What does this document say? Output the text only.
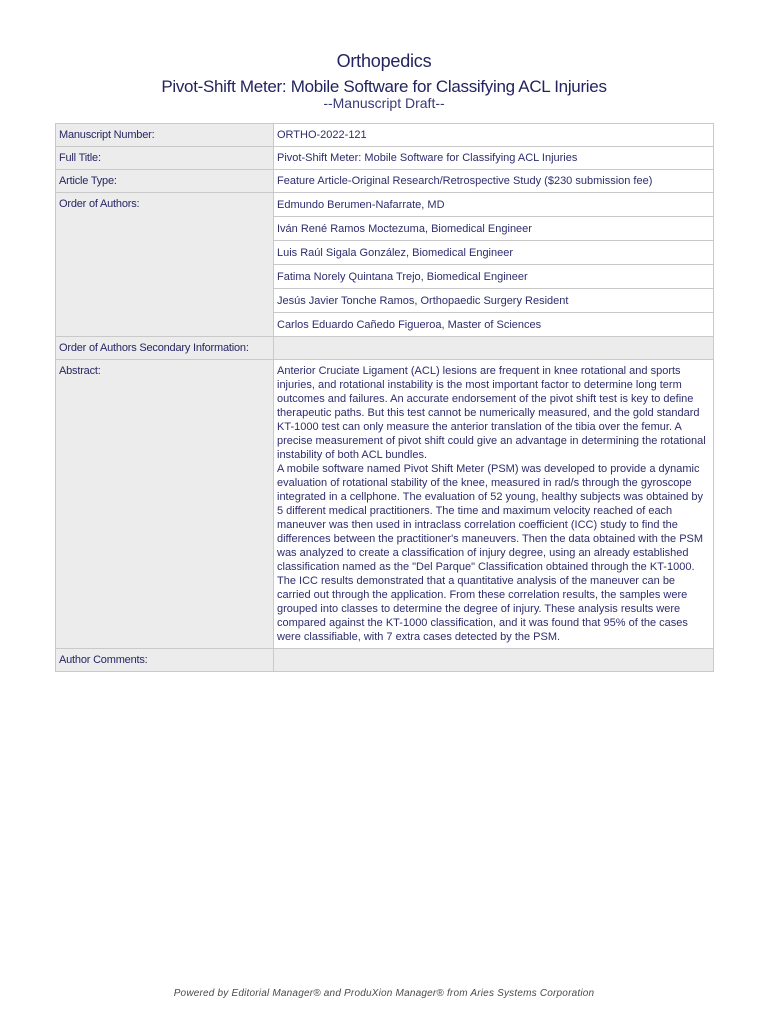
Orthopedics
Pivot-Shift Meter: Mobile Software for Classifying ACL Injuries
--Manuscript Draft--
Manuscript Number:	ORTHO-2022-121
Full Title:	Pivot-Shift Meter: Mobile Software for Classifying ACL Injuries
Article Type:	Feature Article-Original Research/Retrospective Study ($230 submission fee)
Order of Authors:	Edmundo Berumen-Nafarrate, MD
	Iván René Ramos Moctezuma, Biomedical Engineer
	Luis Raúl Sigala González, Biomedical Engineer
	Fatima Norely Quintana Trejo, Biomedical Engineer
	Jesús Javier Tonche Ramos, Orthopaedic Surgery Resident
	Carlos Eduardo Cañedo Figueroa, Master of Sciences
Order of Authors Secondary Information:	
Abstract:	Anterior Cruciate Ligament (ACL) lesions are frequent in knee rotational and sports injuries, and rotational instability is the most important factor to determine long term outcomes and failures. An accurate endorsement of the pivot shift test is key to define therapeutic paths. But this test cannot be numerically measured, and the gold standard KT-1000 test can only measure the anterior translation of the tibia over the femur. A precise measurement of pivot shift could give an advantage in determining the rotational instability of both ACL bundles.

A mobile software named Pivot Shift Meter (PSM) was developed to provide a dynamic evaluation of rotational stability of the knee, measured in rad/s through the gyroscope integrated in a cellphone. The evaluation of 52 young, healthy subjects was obtained by 5 different medical practitioners. The time and maximum velocity reached of each maneuver was then used in intraclass correlation coefficient (ICC) study to find the differences between the practitioner's maneuvers. Then the data obtained with the PSM was analyzed to create a classification of injury degree, using an already established classification named as the "Del Parque" Classification obtained through the KT-1000.

The ICC results demonstrated that a quantitative analysis of the maneuver can be carried out through the application. From these correlation results, the samples were grouped into classes to determine the degree of injury. These analysis results were compared against the KT-1000 classification, and it was found that 95% of the cases were classifiable, with 7 extra cases detected by the PSM.

Author Comments:	
Powered by Editorial Manager® and ProduXion Manager® from Aries Systems Corporation
